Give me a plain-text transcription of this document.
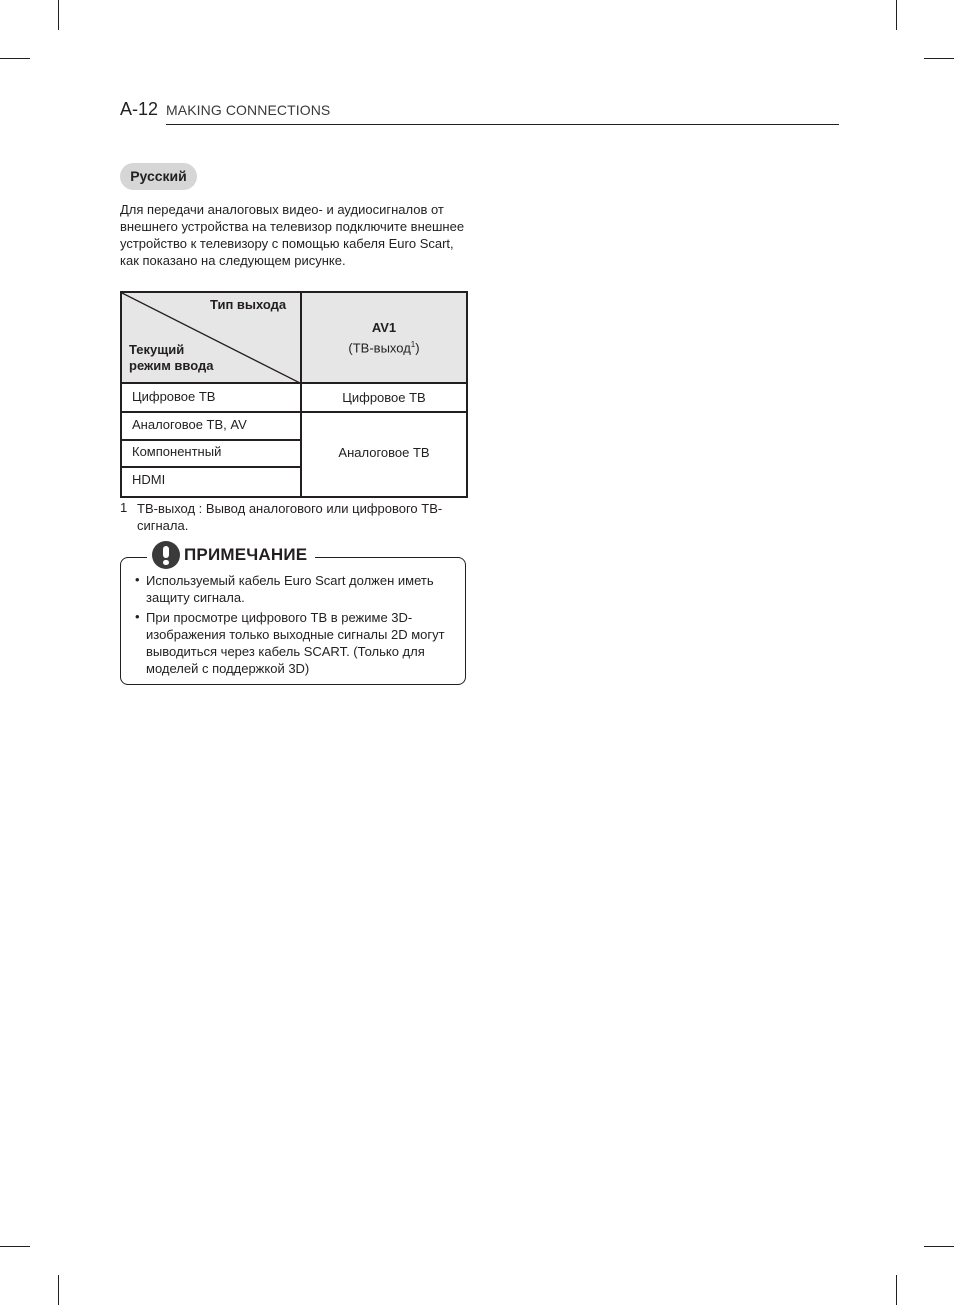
A-12 MAKING CONNECTIONS
Русский
Для передачи аналоговых видео- и аудиосигналов от внешнего устройства на телевизор подключите внешнее устройство к телевизору с помощью кабеля Euro Scart, как показано на следующем рисунке.
Тип выхода
Текущий
режим ввода
AV1
(ТВ-выход$^1$)
Цифровое ТВ
Аналоговое ТВ, AV
Компонентный
HDMI
Цифровое ТВ
Аналоговое ТВ
1 ТВ-выход : Вывод аналогового или цифрового ТВ-сигнала.
ПРИМЕЧАНИЕ
• Используемый кабель Euro Scart должен иметь защиту сигнала.
• При просмотре цифрового ТВ в режиме 3D-изображения только выходные сигналы 2D могут выводиться через кабель SCART. (Только для моделей с поддержкой 3D)
